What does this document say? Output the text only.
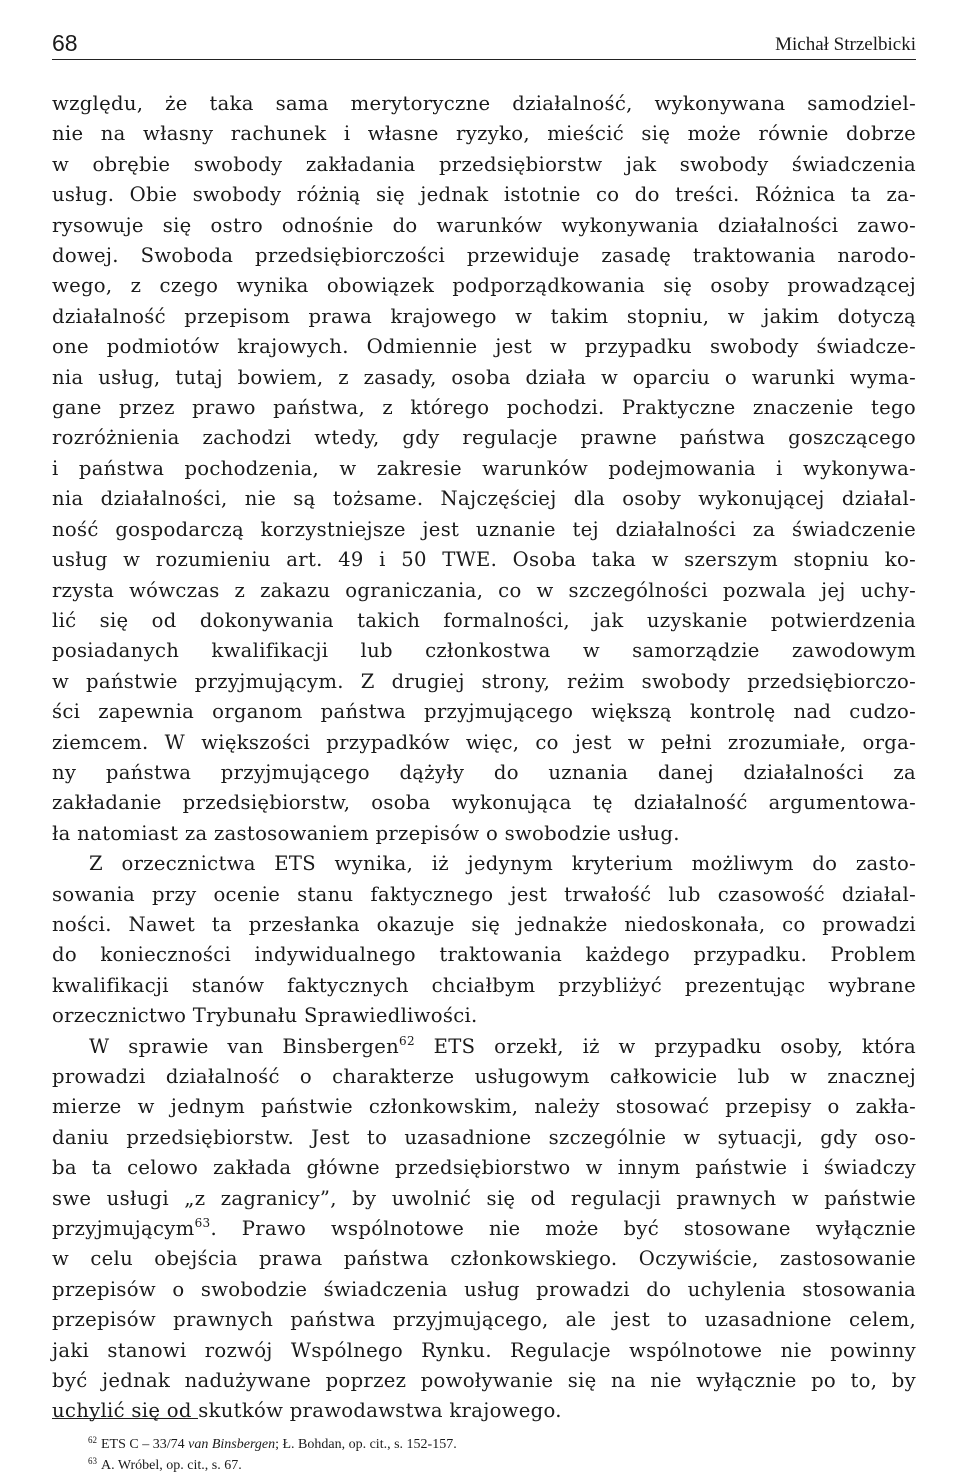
68	Michał Strzelbicki

względu, że taka sama merytoryczne działalność, wykonywana samodziel-
nie na własny rachunek i własne ryzyko, mieścić się może równie dobrze
w obrębie swobody zakładania przedsiębiorstw jak swobody świadczenia
usług. Obie swobody różnią się jednak istotnie co do treści. Różnica ta za-
rysowuje się ostro odnośnie do warunków wykonywania działalności zawo-
dowej. Swoboda przedsiębiorczości przewiduje zasadę traktowania narodo-
wego, z czego wynika obowiązek podporządkowania się osoby prowadzącej
działalność przepisom prawa krajowego w takim stopniu, w jakim dotyczą
one podmiotów krajowych. Odmiennie jest w przypadku swobody świadcze-
nia usług, tutaj bowiem, z zasady, osoba działa w oparciu o warunki wyma-
gane przez prawo państwa, z którego pochodzi. Praktyczne znaczenie tego
rozróżnienia zachodzi wtedy, gdy regulacje prawne państwa goszczącego
i państwa pochodzenia, w zakresie warunków podejmowania i wykonywa-
nia działalności, nie są tożsame. Najczęściej dla osoby wykonującej działal-
ność gospodarczą korzystniejsze jest uznanie tej działalności za świadczenie
usług w rozumieniu art. 49 i 50 TWE. Osoba taka w szerszym stopniu ko-
rzysta wówczas z zakazu ograniczania, co w szczególności pozwala jej uchy-
lić się od dokonywania takich formalności, jak uzyskanie potwierdzenia
posiadanych kwalifikacji lub członkostwa w samorządzie zawodowym
w państwie przyjmującym. Z drugiej strony, reżim swobody przedsiębiorczo-
ści zapewnia organom państwa przyjmującego większą kontrolę nad cudzo-
ziemcem. W większości przypadków więc, co jest w pełni zrozumiałe, orga-
ny państwa przyjmującego dążyły do uznania danej działalności za
zakładanie przedsiębiorstw, osoba wykonująca tę działalność argumentowa-
ła natomiast za zastosowaniem przepisów o swobodzie usług.

Z orzecznictwa ETS wynika, iż jedynym kryterium możliwym do zasto-
sowania przy ocenie stanu faktycznego jest trwałość lub czasowość działal-
ności. Nawet ta przesłanka okazuje się jednakże niedoskonała, co prowadzi
do konieczności indywidualnego traktowania każdego przypadku. Problem
kwalifikacji stanów faktycznych chciałbym przybliżyć prezentując wybrane
orzecznictwo Trybunału Sprawiedliwości.

W sprawie van Binsbergen$^{62}$ ETS orzekł, iż w przypadku osoby, która
prowadzi działalność o charakterze usługowym całkowicie lub w znacznej
mierze w jednym państwie członkowskim, należy stosować przepisy o zakła-
daniu przedsiębiorstw. Jest to uzasadnione szczególnie w sytuacji, gdy oso-
ba ta celowo zakłada główne przedsiębiorstwo w innym państwie i świadczy
swe usługi „z zagranicy”, by uwolnić się od regulacji prawnych w państwie
przyjmującym$^{63}$. Prawo wspólnotowe nie może być stosowane wyłącznie
w celu obejścia prawa państwa członkowskiego. Oczywiście, zastosowanie
przepisów o swobodzie świadczenia usług prowadzi do uchylenia stosowania
przepisów prawnych państwa przyjmującego, ale jest to uzasadnione celem,
jaki stanowi rozwój Wspólnego Rynku. Regulacje wspólnotowe nie powinny
być jednak nadużywane poprzez powoływanie się na nie wyłącznie po to, by
uchylić się od skutków prawodawstwa krajowego.

$^{62}$ ETS C – 33/74 van Binsbergen; Ł. Bohdan, op. cit., s. 152-157.
$^{63}$ A. Wróbel, op. cit., s. 67.
